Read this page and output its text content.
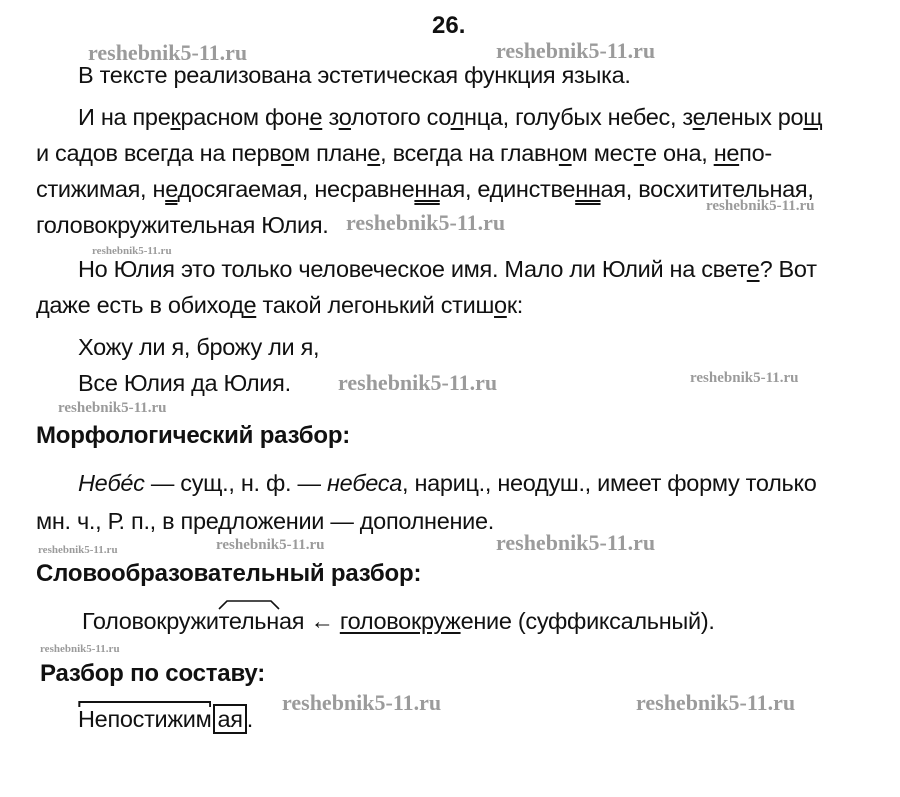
26.
reshebnik5-11.ru	reshebnik5-11.ru
reshebnik5-11.ru
reshebnik5-11.ru
reshebnik5-11.ru
reshebnik5-11.ru	reshebnik5-11.ru
reshebnik5-11.ru
reshebnik5-11.ru
reshebnik5-11.ru	reshebnik5-11.ru
reshebnik5-11.ru
reshebnik5-11.ru	reshebnik5-11.ru
В тексте реализована эстетическая функция языка.
И на прекрасном фоне золотого солнца, голубых небес, зеленых рощ
и садов всегда на первом плане, всегда на главном месте она, непо-
стижимая, недосягаемая, несравненная, единственная, восхитительная,
головокружительная Юлия.
Но Юлия это только человеческое имя. Мало ли Юлий на свете? Вот
даже есть в обиходе такой легонький стишок:
Хожу ли я, брожу ли я,
Все Юлия да Юлия.
Морфологический разбор:
Небе́с — сущ., н. ф. — небеса, нариц., неодуш., имеет форму только
мн. ч., Р. п., в предложении — дополнение.
Словообразовательный разбор:
Головокружи
тельная ← головокружение (суффиксальный).
Разбор по составу:
Непостижим ая .
